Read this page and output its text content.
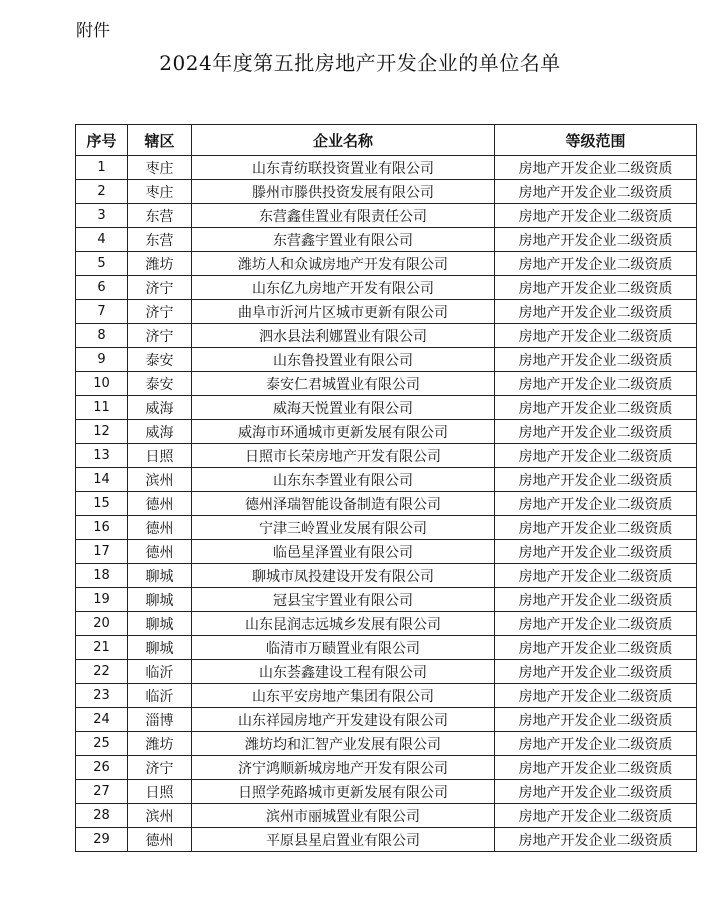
附件
2024年度第五批房地产开发企业的单位名单
序号	辖区	企业名称	等级范围
1	枣庄	山东青纺联投资置业有限公司	房地产开发企业二级资质
2	枣庄	滕州市滕供投资发展有限公司	房地产开发企业二级资质
3	东营	东营鑫佳置业有限责任公司	房地产开发企业二级资质
4	东营	东营鑫宇置业有限公司	房地产开发企业二级资质
5	潍坊	潍坊人和众诚房地产开发有限公司	房地产开发企业二级资质
6	济宁	山东亿九房地产开发有限公司	房地产开发企业二级资质
7	济宁	曲阜市沂河片区城市更新有限公司	房地产开发企业二级资质
8	济宁	泗水县法利娜置业有限公司	房地产开发企业二级资质
9	泰安	山东鲁投置业有限公司	房地产开发企业二级资质
10	泰安	泰安仁君城置业有限公司	房地产开发企业二级资质
11	威海	威海天悦置业有限公司	房地产开发企业二级资质
12	威海	威海市环通城市更新发展有限公司	房地产开发企业二级资质
13	日照	日照市长荣房地产开发有限公司	房地产开发企业二级资质
14	滨州	山东东李置业有限公司	房地产开发企业二级资质
15	德州	德州泽瑞智能设备制造有限公司	房地产开发企业二级资质
16	德州	宁津三岭置业发展有限公司	房地产开发企业二级资质
17	德州	临邑星泽置业有限公司	房地产开发企业二级资质
18	聊城	聊城市凤投建设开发有限公司	房地产开发企业二级资质
19	聊城	冠县宝宇置业有限公司	房地产开发企业二级资质
20	聊城	山东昆润志远城乡发展有限公司	房地产开发企业二级资质
21	聊城	临清市万赜置业有限公司	房地产开发企业二级资质
22	临沂	山东荟鑫建设工程有限公司	房地产开发企业二级资质
23	临沂	山东平安房地产集团有限公司	房地产开发企业二级资质
24	淄博	山东祥园房地产开发建设有限公司	房地产开发企业二级资质
25	潍坊	潍坊均和汇智产业发展有限公司	房地产开发企业二级资质
26	济宁	济宁鸿顺新城房地产开发有限公司	房地产开发企业二级资质
27	日照	日照学苑路城市更新发展有限公司	房地产开发企业二级资质
28	滨州	滨州市丽城置业有限公司	房地产开发企业二级资质
29	德州	平原县星启置业有限公司	房地产开发企业二级资质
